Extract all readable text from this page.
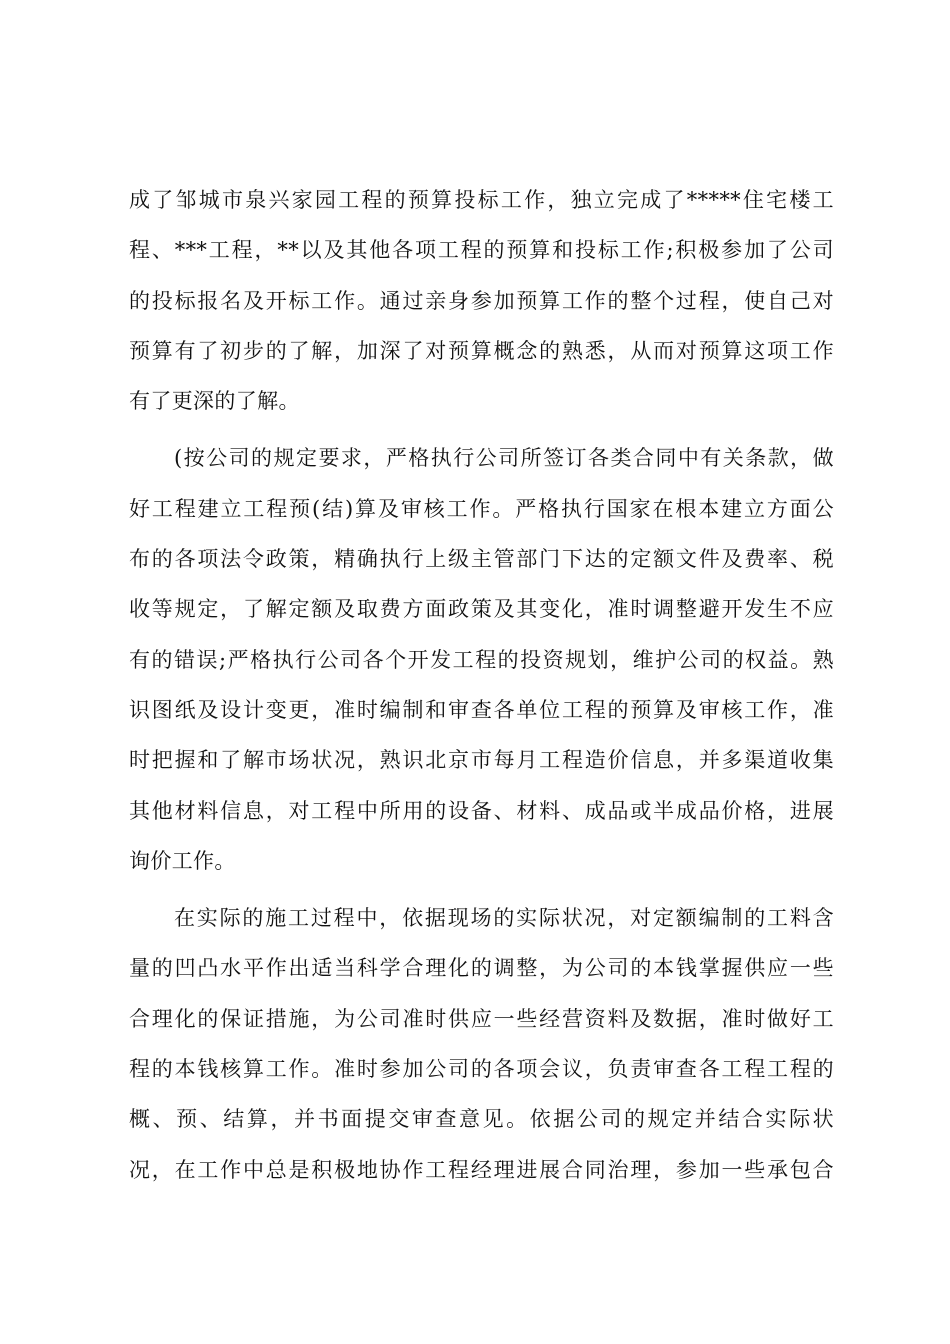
成了邹城市泉兴家园工程的预算投标工作，独立完成了*****住宅楼工
程、***工程，**以及其他各项工程的预算和投标工作;积极参加了公司
的投标报名及开标工作。通过亲身参加预算工作的整个过程，使自己对
预算有了初步的了解，加深了对预算概念的熟悉，从而对预算这项工作
有了更深的了解。
(按公司的规定要求，严格执行公司所签订各类合同中有关条款，做
好工程建立工程预(结)算及审核工作。严格执行国家在根本建立方面公
布的各项法令政策，精确执行上级主管部门下达的定额文件及费率、税
收等规定，了解定额及取费方面政策及其变化，准时调整避开发生不应
有的错误;严格执行公司各个开发工程的投资规划，维护公司的权益。熟
识图纸及设计变更，准时编制和审查各单位工程的预算及审核工作，准
时把握和了解市场状况，熟识北京市每月工程造价信息，并多渠道收集
其他材料信息，对工程中所用的设备、材料、成品或半成品价格，进展
询价工作。
在实际的施工过程中，依据现场的实际状况，对定额编制的工料含
量的凹凸水平作出适当科学合理化的调整，为公司的本钱掌握供应一些
合理化的保证措施，为公司准时供应一些经营资料及数据，准时做好工
程的本钱核算工作。准时参加公司的各项会议，负责审查各工程工程的
概、预、结算，并书面提交审查意见。依据公司的规定并结合实际状
况，在工作中总是积极地协作工程经理进展合同治理，参加一些承包合
